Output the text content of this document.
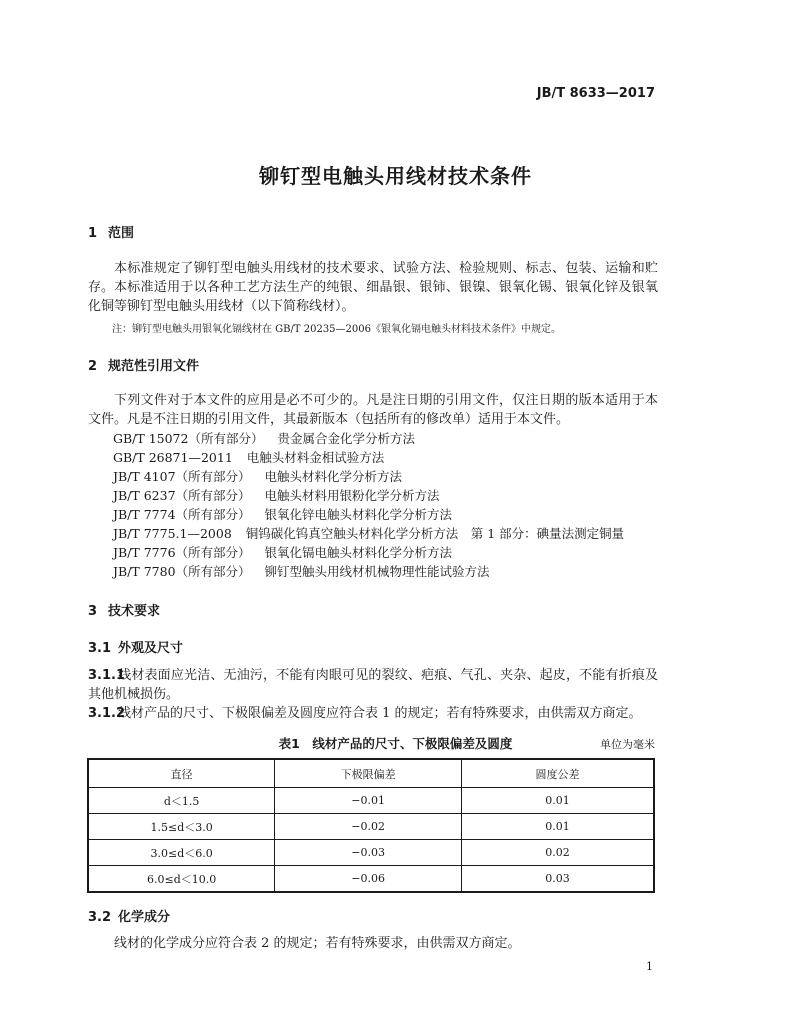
JB/T 8633—2017
铆钉型电触头用线材技术条件
1 范围
本标准规定了铆钉型电触头用线材的技术要求、试验方法、检验规则、标志、包装、运输和贮存。 本标准适用于以各种工艺方法生产的纯银、细晶银、银铈、银镍、银氧化锡、银氧化锌及银氧化铜等铆钉型电触头用线材（以下简称线材）。
注：铆钉型电触头用银氧化镉线材在 GB/T 20235—2006《银氧化镉电触头材料技术条件》中规定。
2 规范性引用文件
下列文件对于本文件的应用是必不可少的。凡是注日期的引用文件，仅注日期的版本适用于本文件。凡是不注日期的引用文件，其最新版本（包括所有的修改单）适用于本文件。
GB/T 15072（所有部分） 贵金属合金化学分析方法
GB/T 26871—2011 电触头材料金相试验方法
JB/T 4107（所有部分） 电触头材料化学分析方法
JB/T 6237（所有部分） 电触头材料用银粉化学分析方法
JB/T 7774（所有部分） 银氧化锌电触头材料化学分析方法
JB/T 7775.1—2008 铜钨碳化钨真空触头材料化学分析方法　第 1 部分：碘量法测定铜量
JB/T 7776（所有部分） 银氧化镉电触头材料化学分析方法
JB/T 7780（所有部分） 铆钉型触头用线材机械物理性能试验方法
3 技术要求
3.1 外观及尺寸
3.1.1线材表面应光洁、无油污，不能有肉眼可见的裂纹、疤痕、气孔、夹杂、起皮，不能有折痕及其他机械损伤。
3.1.2线材产品的尺寸、下极限偏差及圆度应符合表 1 的规定；若有特殊要求，由供需双方商定。
表1　线材产品的尺寸、下极限偏差及圆度	单位为毫米
直径	下极限偏差	圆度公差
d＜1.5	−0.01	0.01
1.5≤d＜3.0	−0.02	0.01
3.0≤d＜6.0	−0.03	0.02
6.0≤d＜10.0	−0.06	0.03
3.2 化学成分
线材的化学成分应符合表 2 的规定；若有特殊要求，由供需双方商定。
1
